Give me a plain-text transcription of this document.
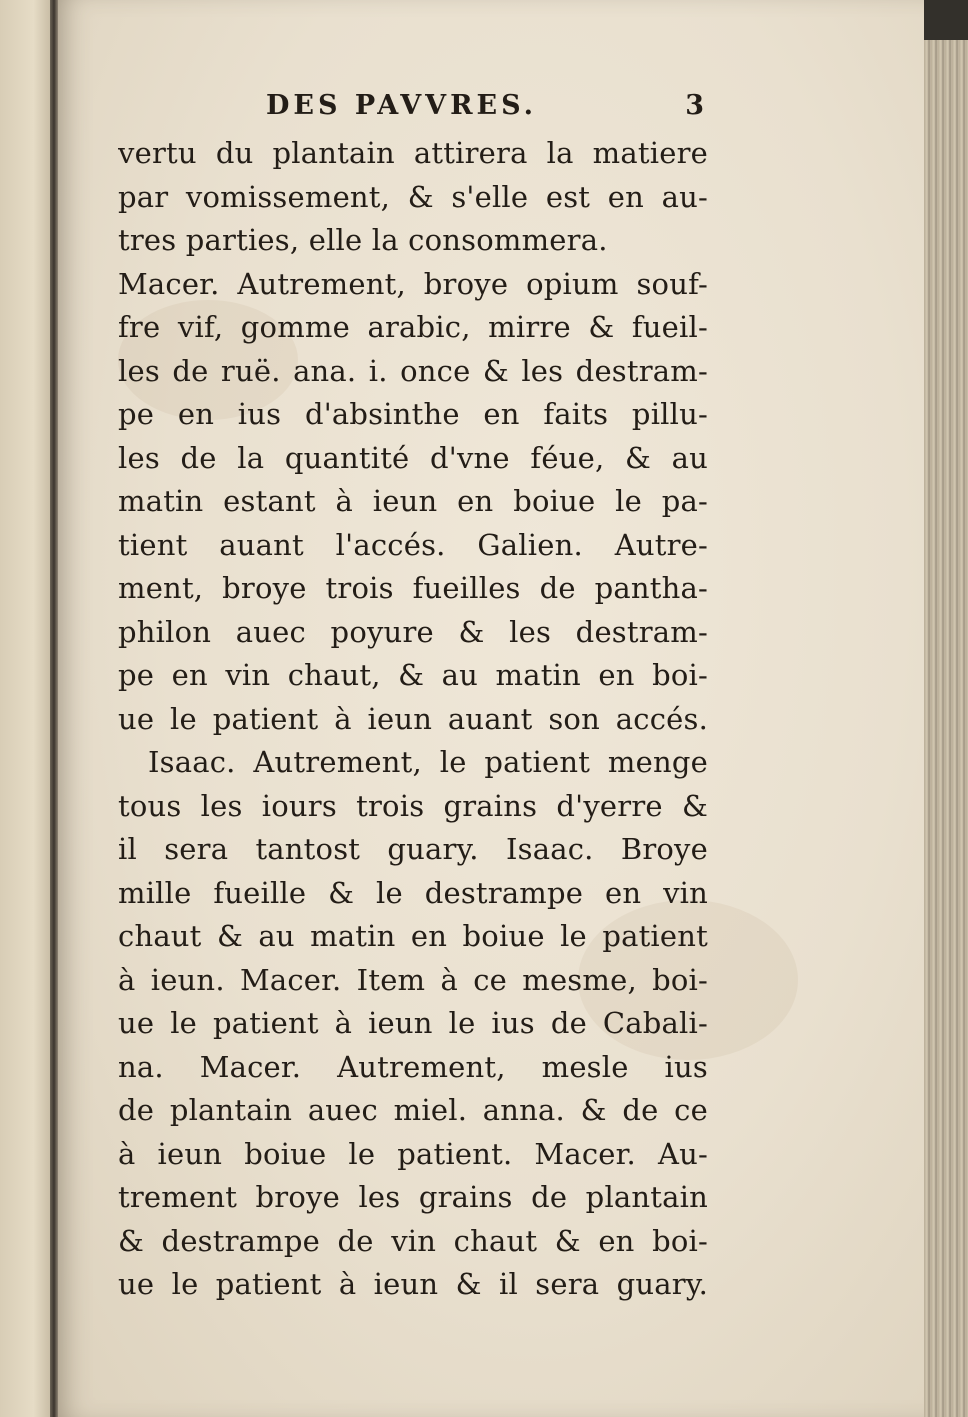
DES PAVVRES.	3
vertu du plantain attirera la matiere
par vomissement, & s'elle est en au-
tres parties, elle la consommera.
Macer. Autrement, broye opium souf-
fre vif, gomme arabic, mirre & fueil-
les de ruë. ana. i. once & les destram-
pe en ius d'absinthe en faits pillu-
les de la quantité d'vne féue, & au
matin estant à ieun en boiue le pa-
tient auant l'accés. Galien. Autre-
ment, broye trois fueilles de pantha-
philon auec poyure & les destram-
pe en vin chaut, & au matin en boi-
ue le patient à ieun auant son accés.
Isaac. Autrement, le patient menge
tous les iours trois grains d'yerre &
il sera tantost guary. Isaac. Broye
mille fueille & le destrampe en vin
chaut & au matin en boiue le patient
à ieun. Macer. Item à ce mesme, boi-
ue le patient à ieun le ius de Cabali-
na. Macer. Autrement, mesle ius
de plantain auec miel. anna. & de ce
à ieun boiue le patient. Macer. Au-
trement broye les grains de plantain
& destrampe de vin chaut & en boi-
ue le patient à ieun & il sera guary.
